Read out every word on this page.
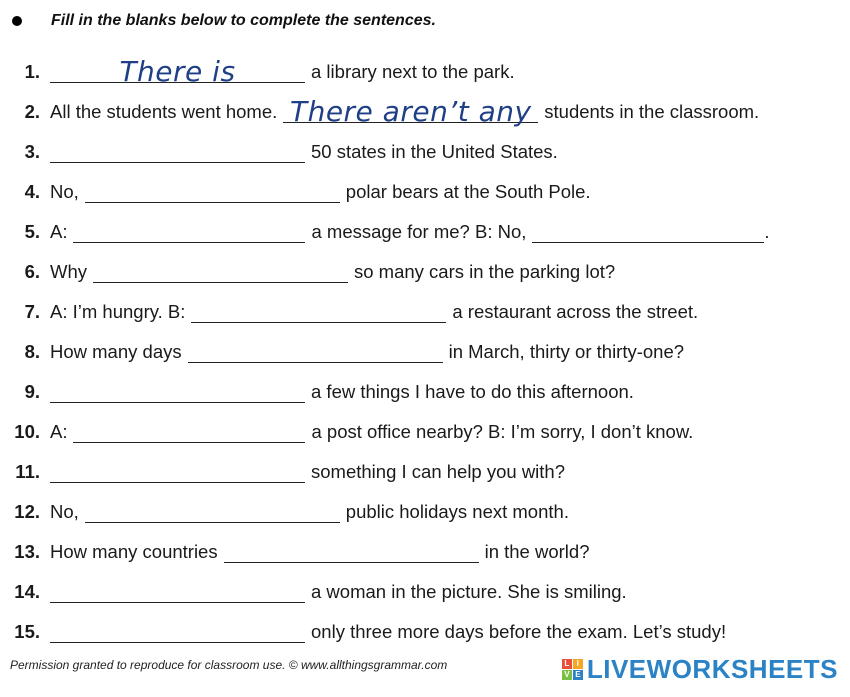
Fill in the blanks below to complete the sentences.
1.	There is	a library next to the park.
2. All the students went home. There aren’t any students in the classroom.
3.	50 states in the United States.
4. No,	polar bears at the South Pole.
5. A:	a message for me? B: No,	.
6. Why	so many cars in the parking lot?
7. A: I’m hungry. B:	a restaurant across the street.
8. How many days	in March, thirty or thirty-one?
9.	a few things I have to do this afternoon.
10. A:	a post office nearby? B: I’m sorry, I don’t know.
11.	something I can help you with?
12. No,	public holidays next month.
13. How many countries	in the world?
14.	a woman in the picture. She is smiling.
15.	only three more days before the exam. Let’s study!
Permission granted to reproduce for classroom use. © www.allthingsgrammar.com	L I
V E LIVEWORKSHEETS
